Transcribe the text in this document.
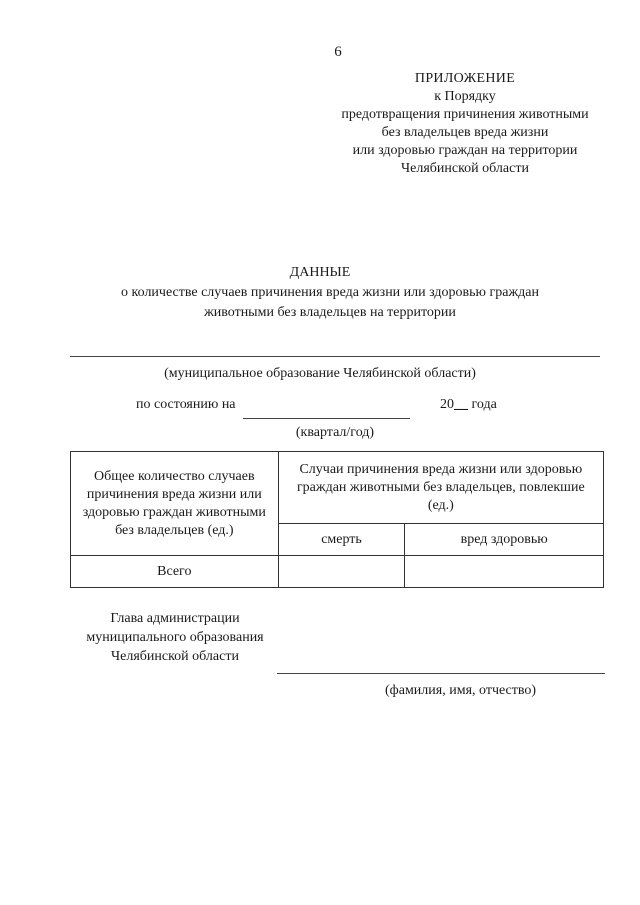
6
ПРИЛОЖЕНИЕ
к Порядку
предотвращения причинения животными
без владельцев вреда жизни
или здоровью граждан на территории
Челябинской области
ДАННЫЕ
о количестве случаев причинения вреда жизни или здоровью граждан
животными без владельцев на территории
(муниципальное образование Челябинской области)
по состоянию на	20__ года
(квартал/год)
Общее количество случаев причинения вреда жизни или здоровью граждан животными без владельцев (ед.)	Случаи причинения вреда жизни или здоровью граждан животными без владельцев, повлекшие (ед.)	
	смерть	вред здоровью
Всего		
Глава администрации
муниципального образования
Челябинской области
(фамилия, имя, отчество)
